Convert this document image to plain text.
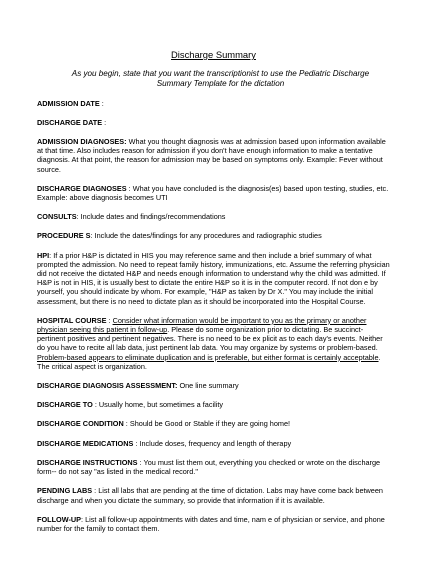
Discharge Summary
As you begin, state that you want the transcriptionist to use the Pediatric Discharge Summary Template for the dictation
ADMISSION DATE :
DISCHARGE DATE :
ADMISSION DIAGNOSES: What you thought diagnosis was at admission based upon information available at that time. Also includes reason for admission if you don't have enough information to make a tentative diagnosis. At that point, the reason for admission may be based on symptoms only. Example: Fever without source.
DISCHARGE DIAGNOSES : What you have concluded is the diagnosis(es) based upon testing, studies, etc. Example: above diagnosis becomes UTI
CONSULTS: Include dates and findings/recommendations
PROCEDURE S: Include the dates/findings for any procedures and radiographic studies
HPI: If a prior H&P is dictated in HIS you may reference same and then include a brief summary of what prompted the admission. No need to repeat family history, immunizations, etc. Assume the referring physician did not receive the dictated H&P and needs enough information to understand why the child was admitted. If H&P is not in HIS, it is usually best to dictate the entire H&P so it is in the computer record. If not don e by yourself, you should indicate by whom. For example, "H&P as taken by Dr X." You may include the initial assessment, but there is no need to dictate plan as it should be incorporated into the Hospital Course.
HOSPITAL COURSE : Consider what information would be important to you as the primary or another physician seeing this patient in follow-up. Please do some organization prior to dictating. Be succinct-pertinent positives and pertinent negatives. There is no need to be ex plicit as to each day's events. Neither do you have to recite all lab data, just pertinent lab data. You may organize by systems or problem-based. Problem-based appears to eliminate duplication and is preferable, but either format is certainly acceptable. The critical aspect is organization.
DISCHARGE DIAGNOSIS ASSESSMENT: One line summary
DISCHARGE TO : Usually home, but sometimes a facility
DISCHARGE CONDITION : Should be Good or Stable if they are going home!
DISCHARGE MEDICATIONS : Include doses, frequency and length of therapy
DISCHARGE INSTRUCTIONS : You must list them out, everything you checked or wrote on the discharge form-- do not say "as listed in the medical record."
PENDING LABS : List all labs that are pending at the time of dictation. Labs may have come back between discharge and when you dictate the summary, so provide that information if it is available.
FOLLOW-UP: List all follow-up appointments with dates and time, nam e of physician or service, and phone number for the family to contact them.
